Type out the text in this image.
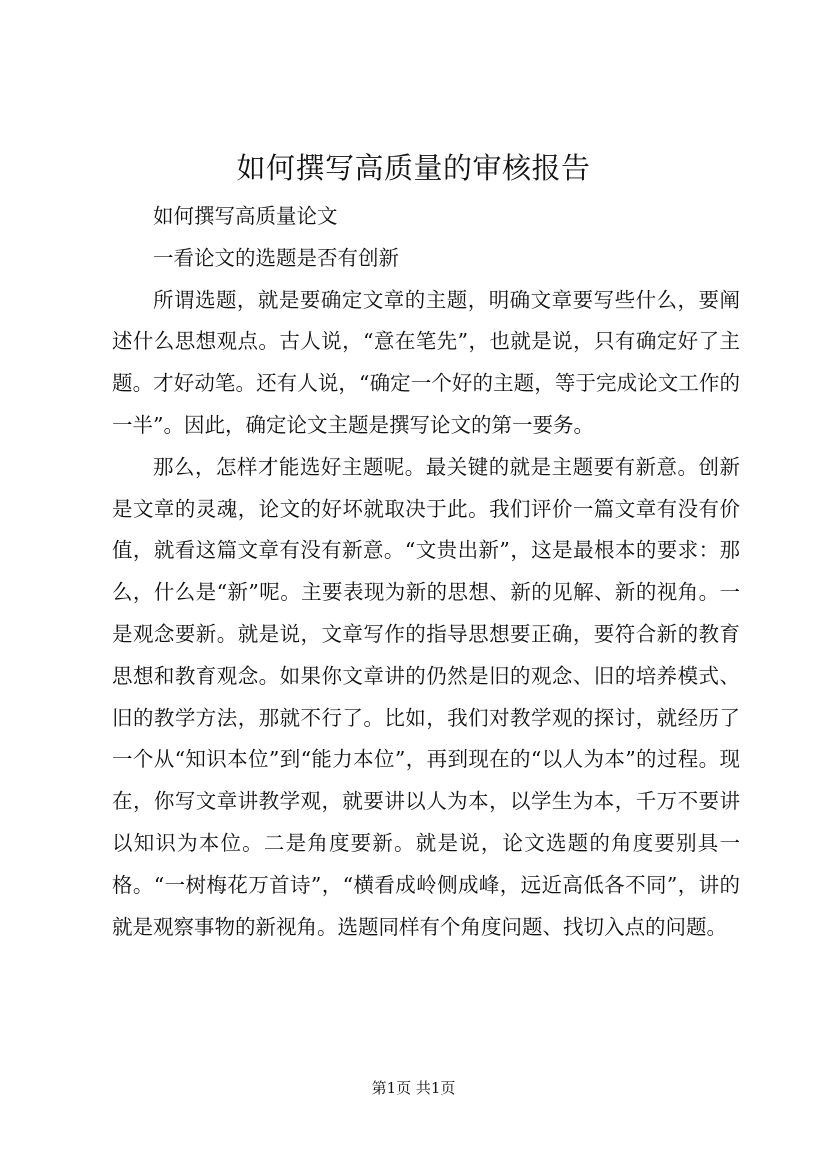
如何撰写高质量的审核报告

如何撰写高质量论文

一看论文的选题是否有创新

所谓选题，就是要确定文章的主题，明确文章要写些什么，要阐述什么思想观点。古人说，“意在笔先”，也就是说，只有确定好了主题。才好动笔。还有人说，“确定一个好的主题，等于完成论文工作的一半”。因此，确定论文主题是撰写论文的第一要务。

那么，怎样才能选好主题呢。最关键的就是主题要有新意。创新是文章的灵魂，论文的好坏就取决于此。我们评价一篇文章有没有价值，就看这篇文章有没有新意。“文贵出新”，这是最根本的要求：那么，什么是“新”呢。主要表现为新的思想、新的见解、新的视角。一是观念要新。就是说，文章写作的指导思想要正确，要符合新的教育思想和教育观念。如果你文章讲的仍然是旧的观念、旧的培养模式、旧的教学方法，那就不行了。比如，我们对教学观的探讨，就经历了一个从“知识本位”到“能力本位”，再到现在的“以人为本”的过程。现在，你写文章讲教学观，就要讲以人为本，以学生为本，千万不要讲以知识为本位。二是角度要新。就是说，论文选题的角度要别具一格。“一树梅花万首诗”，“横看成岭侧成峰，远近高低各不同”，讲的就是观察事物的新视角。选题同样有个角度问题、找切入点的问题。

第1页 共1页
